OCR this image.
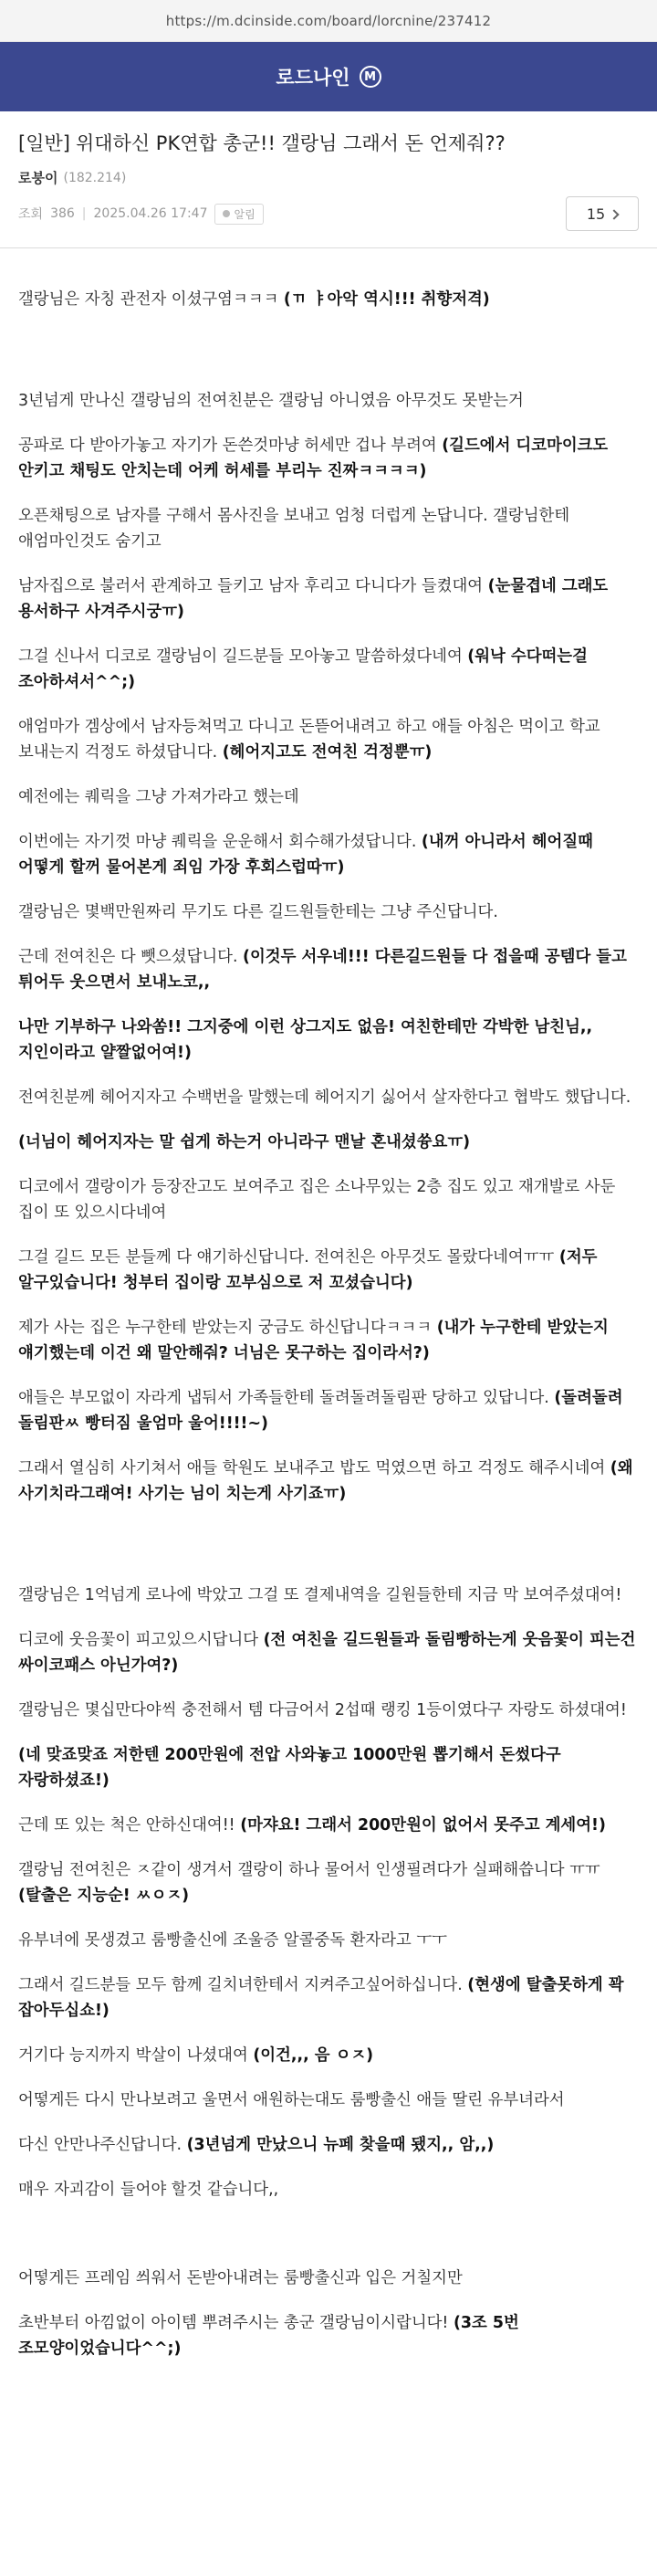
https://m.dcinside.com/board/lorcnine/237412
로드나인	M
[일반] 위대하신 PK연합 총군!! 갤랑님 그래서 돈 언제줘??
로붕이 (182.214)
조회 386 | 2025.04.26 17:47 알림	15

갤랑님은 자칭 관전자 이셨구염ㅋㅋㅋ (ㄲ ㅑ아악 역시!!! 취향저격)

3년넘게 만나신 갤랑님의 전여친분은 갤랑님 아니였음 아무것도 못받는거

공파로 다 받아가놓고 자기가 돈쓴것마냥 허세만 겁나 부려여 (길드에서 디코마이크도 안키고 채팅도 안치는데 어케 허세를 부리누 진짜ㅋㅋㅋㅋ)

오픈채팅으로 남자를 구해서 몸사진을 보내고 엄청 더럽게 논답니다. 갤랑님한테 애엄마인것도 숨기고

남자집으로 불러서 관계하고 들키고 남자 후리고 다니다가 들켰대여 (눈물겹네 그래도 용서하구 사겨주시궁ㅠ)

그걸 신나서 디코로 갤랑님이 길드분들 모아놓고 말씀하셨다네여 (워낙 수다떠는걸 조아하셔서^^;)

애엄마가 겜상에서 남자등쳐먹고 다니고 돈뜯어내려고 하고 애들 아침은 먹이고 학교 보내는지 걱정도 하셨답니다. (헤어지고도 전여친 걱정뿐ㅠ)

예전에는 퀘릭을 그냥 가져가라고 했는데

이번에는 자기껏 마냥 퀘릭을 운운해서 회수해가셨답니다. (내꺼 아니라서 헤어질때 어떻게 할꺼 물어본게 죄임 가장 후회스럽따ㅠ)

갤랑님은 몇백만원짜리 무기도 다른 길드원들한테는 그냥 주신답니다.

근데 전여친은 다 뺏으셨답니다. (이것두 서우네!!! 다른길드원들 다 접을때 공템다 들고 튀어두 웃으면서 보내노코,,

나만 기부하구 나와쏨!! 그지중에 이런 상그지도 없음! 여친한테만 각박한 남친님,, 지인이라고 얄짤없어여!)

전여친분께 헤어지자고 수백번을 말했는데 헤어지기 싫어서 살자한다고 협박도 했답니다.

(너님이 헤어지자는 말 쉽게 하는거 아니라구 맨날 혼내셨쓩요ㅠ)

디코에서 갤랑이가 등장잔고도 보여주고 집은 소나무있는 2층 집도 있고 재개발로 사둔 집이 또 있으시다네여

그걸 길드 모든 분들께 다 얘기하신답니다. 전여친은 아무것도 몰랐다네여ㅠㅠ (저두 알구있습니다! 청부터 집이랑 꼬부심으로 저 꼬셨습니다)

제가 사는 집은 누구한테 받았는지 궁금도 하신답니다ㅋㅋㅋ (내가 누구한테 받았는지 얘기했는데 이건 왜 말안해줘? 너님은 못구하는 집이라서?)

애들은 부모없이 자라게 냅둬서 가족들한테 돌려돌려돌림판 당하고 있답니다. (돌려돌려 돌림판ㅆ 빵터짐 울엄마 울어!!!!~)

그래서 열심히 사기쳐서 애들 학원도 보내주고 밥도 먹였으면 하고 걱정도 해주시네여 (왜 사기치라그래여! 사기는 님이 치는게 사기죠ㅠ)

갤랑님은 1억넘게 로나에 박았고 그걸 또 결제내역을 길원들한테 지금 막 보여주셨대여!

디코에 웃음꽃이 피고있으시답니다 (전 여친을 길드원들과 돌림빵하는게 웃음꽃이 피는건 싸이코패스 아닌가여?)

갤랑님은 몇십만다야씩 충전해서 템 다금어서 2섭때 랭킹 1등이였다구 자랑도 하셨대여!

(네 맞죠맞죠 저한텐 200만원에 전압 사와놓고 1000만원 뽑기해서 돈썼다구 자랑하셨죠!)

근데 또 있는 척은 안하신대여!! (마쟈요! 그래서 200만원이 없어서 못주고 계세여!)

갤랑님 전여친은 ㅈ같이 생겨서 갤랑이 하나 물어서 인생필려다가 실패해씁니다 ㅠㅠ (탈출은 지능순! ㅆㅇㅈ)

유부녀에 못생겼고 룸빵출신에 조울증 알콜중독 환자라고 ㅜㅜ

그래서 길드분들 모두 함께 길치녀한테서 지켜주고싶어하십니다. (현생에 탈출못하게 꽉 잡아두십쇼!)

거기다 능지까지 박살이 나셨대여 (이건,,, 음 ㅇㅈ)

어떻게든 다시 만나보려고 울면서 애원하는대도 룸빵출신 애들 딸린 유부녀라서

다신 안만나주신답니다. (3년넘게 만났으니 뉴페 찾을때 됐지,, 암,,)

매우 자괴감이 들어야 할것 같습니다,,

어떻게든 프레임 씌워서 돈받아내려는 룸빵출신과 입은 거칠지만

초반부터 아낌없이 아이템 뿌려주시는 총군 갤랑님이시랍니다! (3조 5번 조모양이었습니다^^;)
